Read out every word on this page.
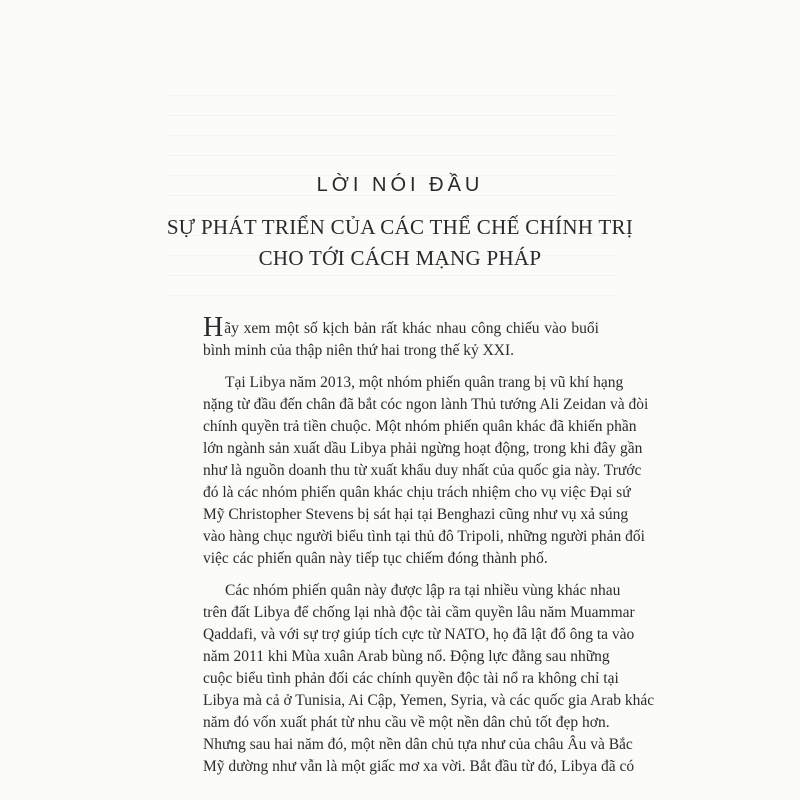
LỜI NÓI ĐẦU
SỰ PHÁT TRIỂN CỦA CÁC THỂ CHẾ CHÍNH TRỊ
CHO TỚI CÁCH MẠNG PHÁP

Hãy xem một số kịch bản rất khác nhau công chiếu vào buổi
bình minh của thập niên thứ hai trong thế kỷ XXI.

Tại Libya năm 2013, một nhóm phiến quân trang bị vũ khí hạng
nặng từ đầu đến chân đã bắt cóc ngon lành Thủ tướng Ali Zeidan và đòi
chính quyền trả tiền chuộc. Một nhóm phiến quân khác đã khiến phần
lớn ngành sản xuất dầu Libya phải ngừng hoạt động, trong khi đây gần
như là nguồn doanh thu từ xuất khẩu duy nhất của quốc gia này. Trước
đó là các nhóm phiến quân khác chịu trách nhiệm cho vụ việc Đại sứ
Mỹ Christopher Stevens bị sát hại tại Benghazi cũng như vụ xả súng
vào hàng chục người biểu tình tại thủ đô Tripoli, những người phản đối
việc các phiến quân này tiếp tục chiếm đóng thành phố.

Các nhóm phiến quân này được lập ra tại nhiều vùng khác nhau
trên đất Libya để chống lại nhà độc tài cầm quyền lâu năm Muammar
Qaddafi, và với sự trợ giúp tích cực từ NATO, họ đã lật đổ ông ta vào
năm 2011 khi Mùa xuân Arab bùng nổ. Động lực đằng sau những
cuộc biểu tình phản đối các chính quyền độc tài nổ ra không chỉ tại
Libya mà cả ở Tunisia, Ai Cập, Yemen, Syria, và các quốc gia Arab khác
năm đó vốn xuất phát từ nhu cầu về một nền dân chủ tốt đẹp hơn.
Nhưng sau hai năm đó, một nền dân chủ tựa như của châu Âu và Bắc
Mỹ dường như vẫn là một giấc mơ xa vời. Bắt đầu từ đó, Libya đã có
